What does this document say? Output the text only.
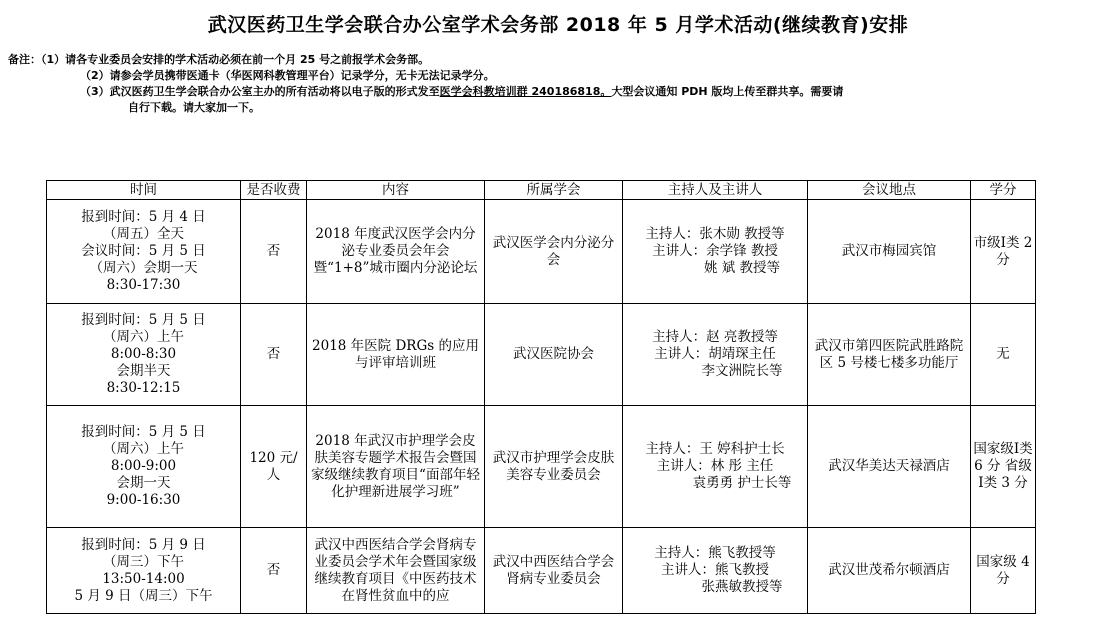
武汉医药卫生学会联合办公室学术会务部 2018 年 5 月学术活动(继续教育)安排
备注：（1）请各专业委员会安排的学术活动必须在前一个月 25 号之前报学术会务部。
（2）请参会学员携带医通卡（华医网科教管理平台）记录学分，无卡无法记录学分。
（3）武汉医药卫生学会联合办公室主办的所有活动将以电子版的形式发至医学会科教培训群 240186818。大型会议通知 PDH 版均上传至群共享。需要请
自行下载。请大家加一下。
时间	是否收费	内容	所属学会	主持人及主讲人	会议地点	学分

报到时间：5 月 4 日
（周五）全天
会议时间：5 月 5 日
（周六）会期一天
8:30-17:30	否	2018 年度武汉医学会内分泌专业委员会年会暨“1+8”城市圈内分泌论坛	武汉医学会内分泌分会	主持人：张木勋 教授等
主讲人：余学锋 教授
　　　　姚 斌 教授等	武汉市梅园宾馆	市级Ⅰ类 2 分

报到时间：5 月 5 日
（周六）上午
8:00-8:30
会期半天
8:30-12:15	否	2018 年医院 DRGs 的应用与评审培训班	武汉医院协会	主持人：赵 亮教授等
主讲人：胡靖琛主任
　　　　李文洲院长等	武汉市第四医院武胜路院区 5 号楼七楼多功能厅	无

报到时间：5 月 5 日
（周六）上午
8:00-9:00
会期一天
9:00-16:30	120 元/人	2018 年武汉市护理学会皮肤美容专题学术报告会暨国家级继续教育项目“面部年轻化护理新进展学习班”	武汉市护理学会皮肤美容专业委员会	主持人：王 婷科护士长
主讲人：林 彤 主任
　　　　袁勇勇 护士长等	武汉华美达天禄酒店	国家级Ⅰ类 6 分 省级Ⅰ类 3 分

报到时间：5 月 9 日
（周三）下午
13:50-14:00
5 月 9 日（周三）下午	否	武汉中西医结合学会肾病专业委员会学术年会暨国家级继续教育项目《中医药技术在肾性贫血中的应	武汉中西医结合学会肾病专业委员会	主持人：熊飞教授等
主讲人：熊飞教授
　　　　张燕敏教授等	武汉世茂希尔顿酒店	国家级 4 分
